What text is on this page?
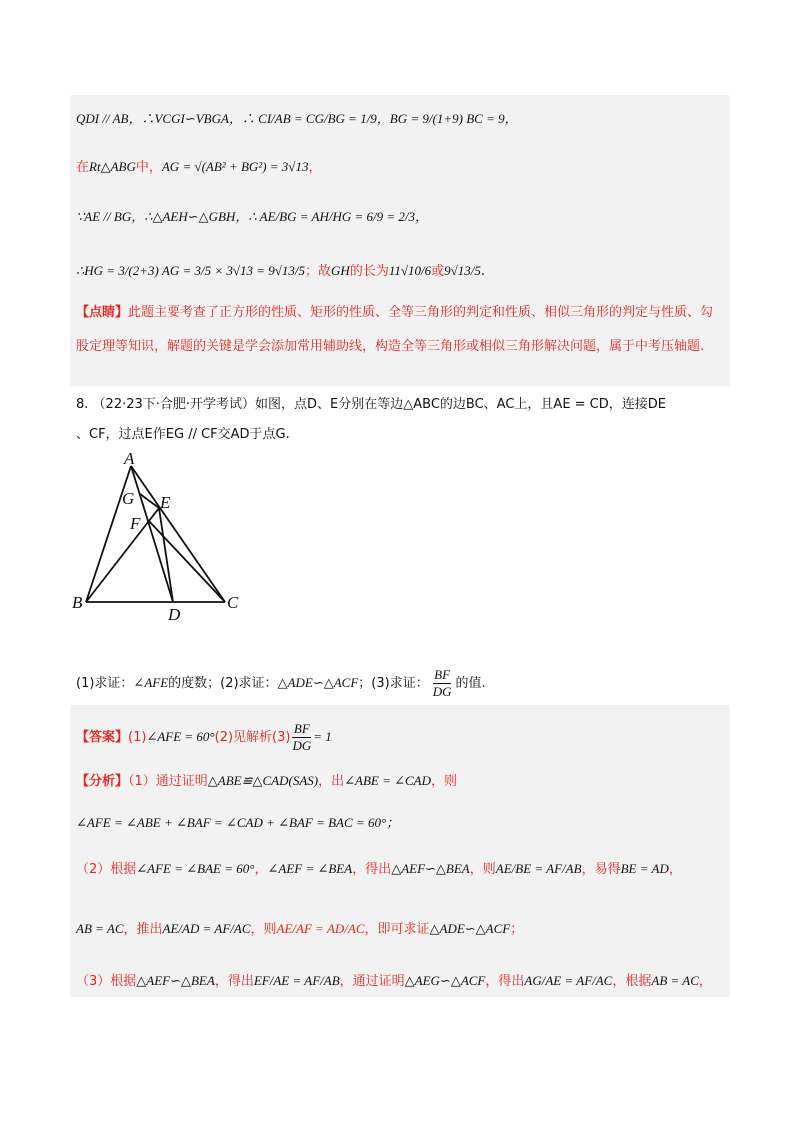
QDI // AB，∴VCGI∽VBGA，∴ CI/AB = CG/BG = 1/9，BG = 9/(1+9) BC = 9，
在Rt△ABG中，AG = √(AB² + BG²) = 3√13，
∵AE // BG，∴△AEH∽△GBH，∴ AE/BG = AH/HG = 6/9 = 2/3，
∴HG = 3/(2+3) AG = 3/5 × 3√13 = 9√13/5；故GH的长为11√10/6或9√13/5.
【点睛】此题主要考查了正方形的性质、矩形的性质、全等三角形的判定和性质、相似三角形的判定与性质、勾股定理等知识，解题的关键是学会添加常用辅助线，构造全等三角形或相似三角形解决问题，属于中考压轴题.
8. （22·23下·合肥·开学考试）如图，点D、E分别在等边△ABC的边BC、AC上，且AE = CD，连接DE
、CF，过点E作EG // CF交AD于点G.
A
G E
F
B
D
C
(1)求证：∠AFE的度数；(2)求证：△ADE∽△ACF；(3)求证： $\frac{BF}{DG}$ 的值.
【答案】(1)∠AFE = 60°(2)见解析$(3) \frac{BF}{DG} = 1$
【分析】（1）通过证明△ABE≌△CAD(SAS)，出∠ABE = ∠CAD，则
∠AFE = ∠ABE + ∠BAF = ∠CAD + ∠BAF = BAC = 60°；
（2）根据∠AFE = ∠BAE = 60°，∠AEF = ∠BEA，得出△AEF∽△BEA，则AE/BE = AF/AB，易得BE = AD，
AB = AC，推出AE/AD = AF/AC，则AE/AF = AD/AC，即可求证△ADE∽△ACF；
（3）根据△AEF∽△BEA，得出EF/AE = AF/AB，通过证明△AEG∽△ACF，得出AG/AE = AF/AC，根据AB = AC，
